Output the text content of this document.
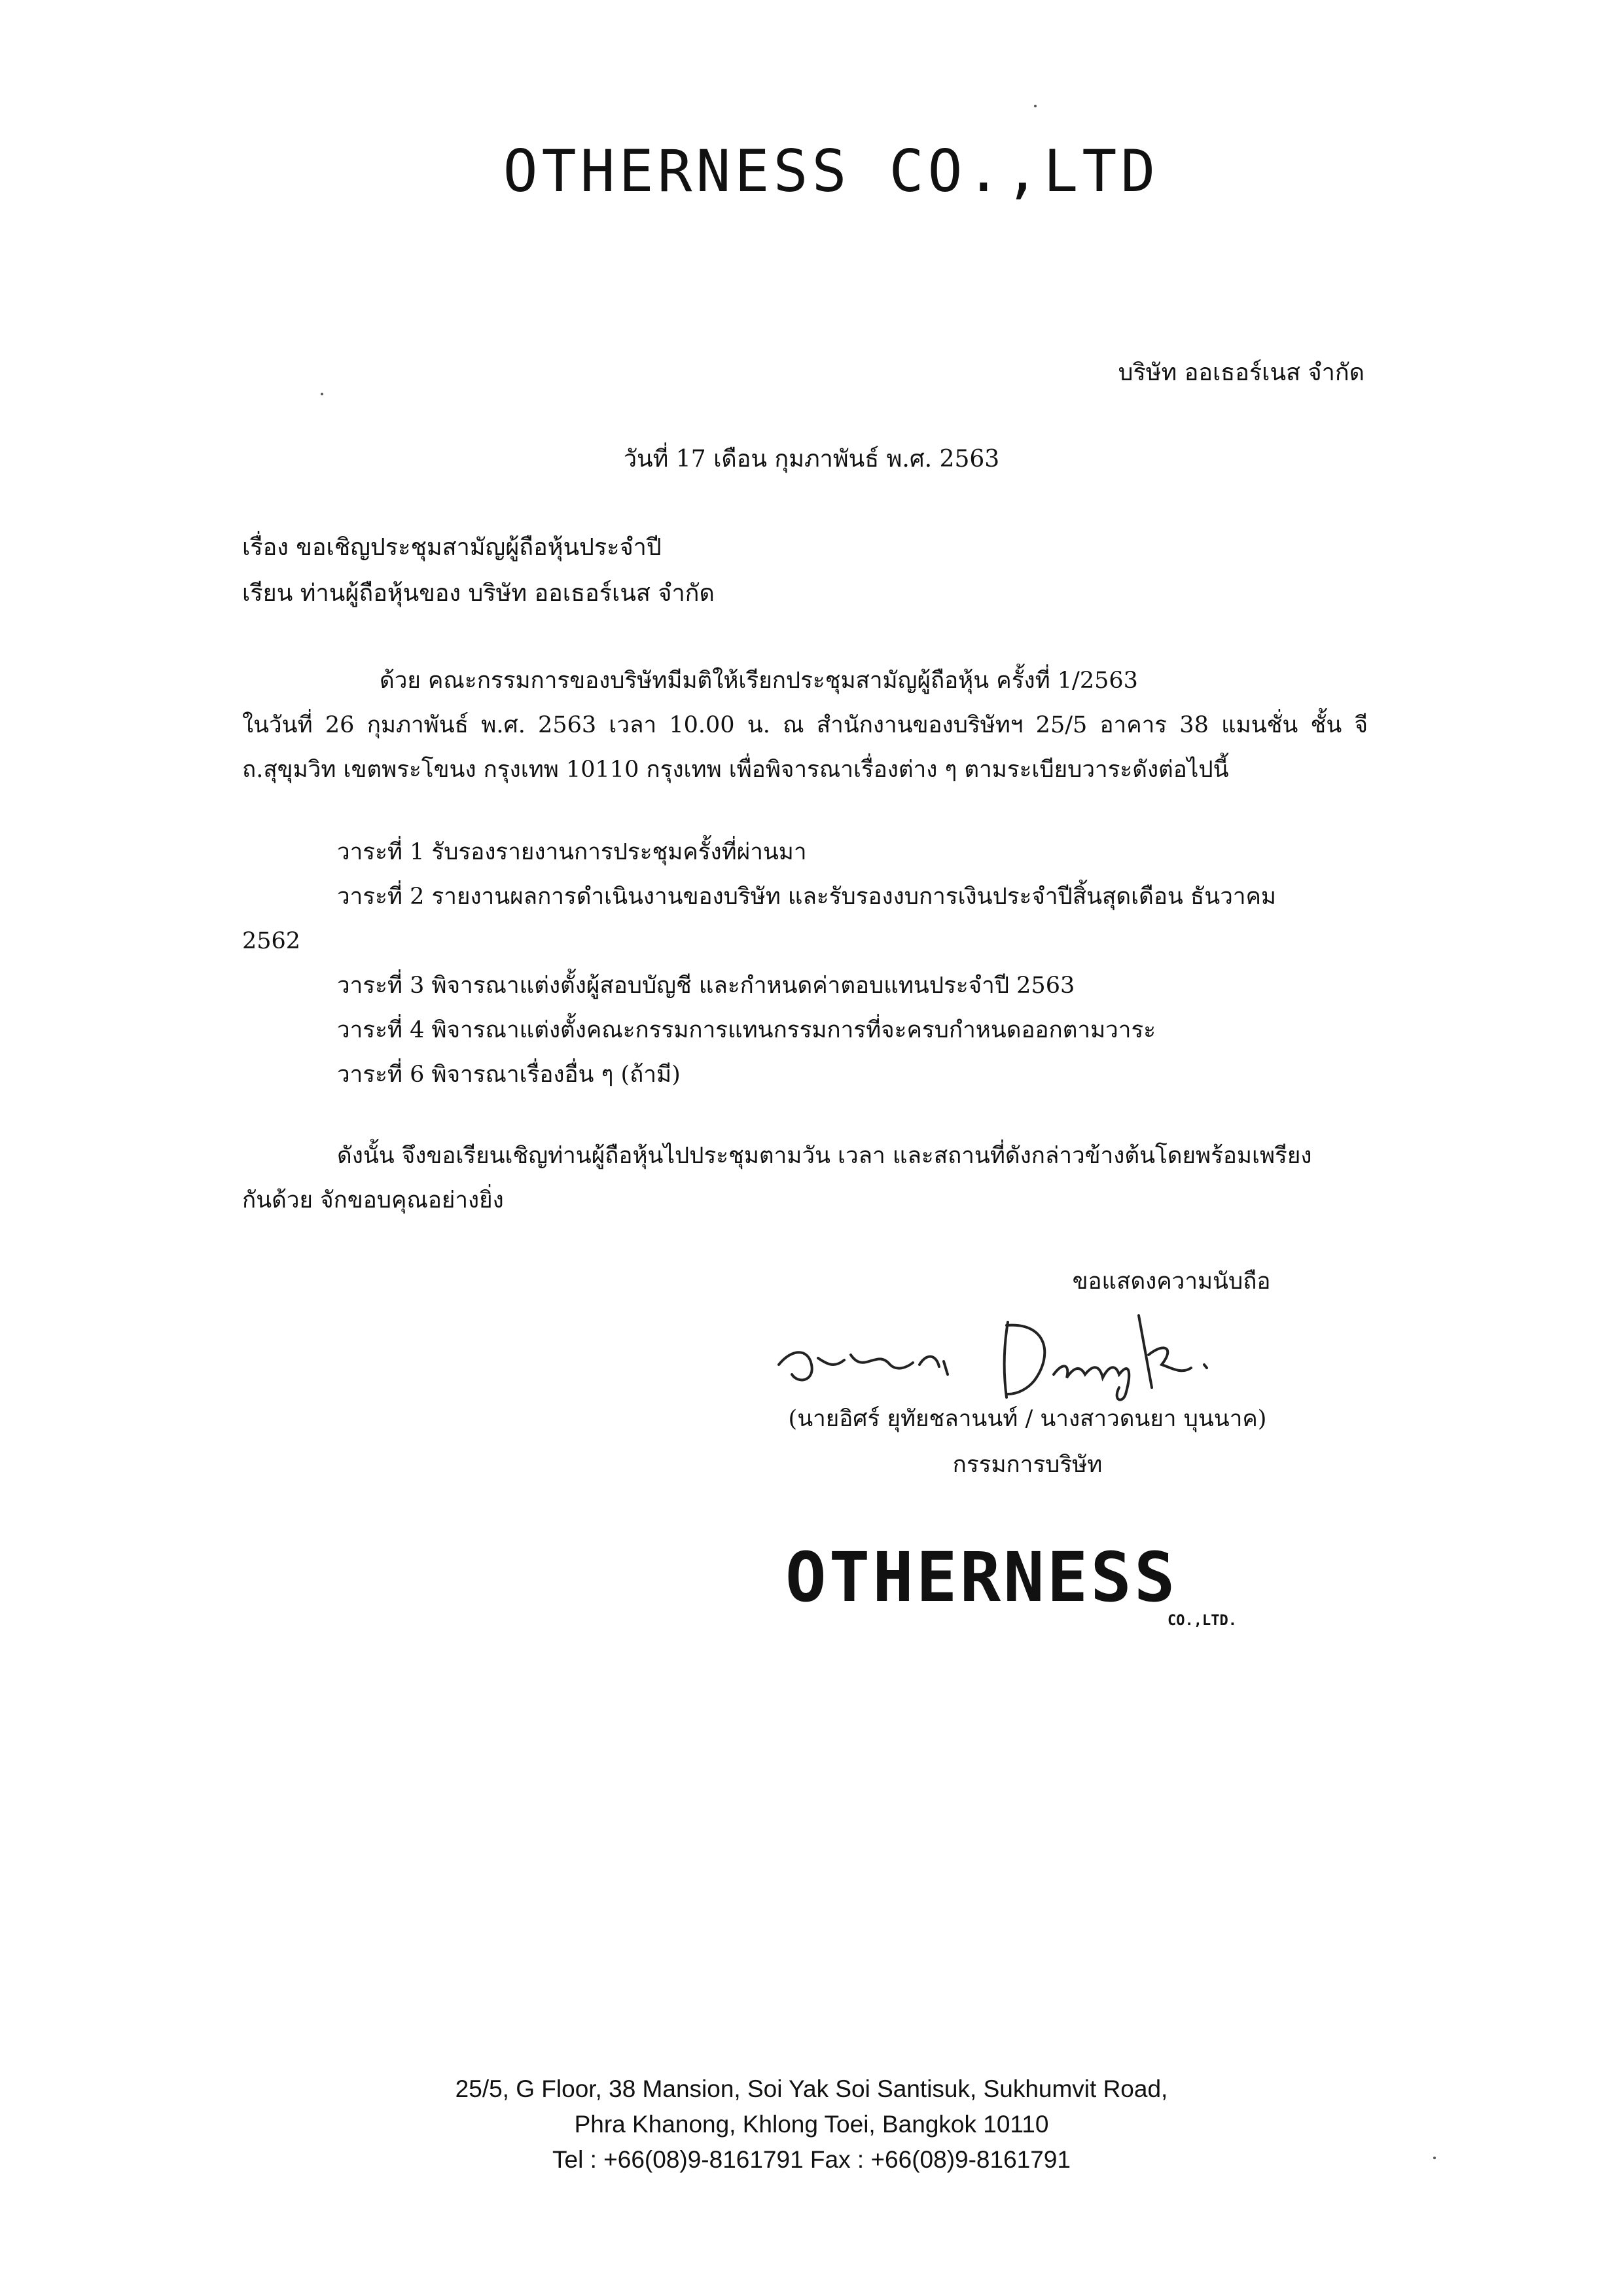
OTHERNESS CO.,LTD
บริษัท ออเธอร์เนส จำกัด
วันที่ 17 เดือน กุมภาพันธ์ พ.ศ. 2563
เรื่อง ขอเชิญประชุมสามัญผู้ถือหุ้นประจำปี
เรียน ท่านผู้ถือหุ้นของ บริษัท ออเธอร์เนส จำกัด
ด้วย คณะกรรมการของบริษัทมีมติให้เรียกประชุมสามัญผู้ถือหุ้น ครั้งที่ 1/2563
ในวันที่ 26 กุมภาพันธ์ พ.ศ. 2563 เวลา 10.00 น. ณ สำนักงานของบริษัทฯ 25/5 อาคาร 38 แมนชั่น ชั้น จี
ถ.สุขุมวิท เขตพระโขนง กรุงเทพ 10110 กรุงเทพ เพื่อพิจารณาเรื่องต่าง ๆ ตามระเบียบวาระดังต่อไปนี้
วาระที่ 1 รับรองรายงานการประชุมครั้งที่ผ่านมา
วาระที่ 2 รายงานผลการดำเนินงานของบริษัท และรับรองงบการเงินประจำปีสิ้นสุดเดือน ธันวาคม
2562
วาระที่ 3 พิจารณาแต่งตั้งผู้สอบบัญชี และกำหนดค่าตอบแทนประจำปี 2563
วาระที่ 4 พิจารณาแต่งตั้งคณะกรรมการแทนกรรมการที่จะครบกำหนดออกตามวาระ
วาระที่ 6 พิจารณาเรื่องอื่น ๆ (ถ้ามี)
ดังนั้น จึงขอเรียนเชิญท่านผู้ถือหุ้นไปประชุมตามวัน เวลา และสถานที่ดังกล่าวข้างต้นโดยพร้อมเพรียง
กันด้วย จักขอบคุณอย่างยิ่ง
ขอแสดงความนับถือ
(นายอิศร์ ยุทัยชลานนท์ / นางสาวดนยา บุนนาค)
กรรมการบริษัท
OTHERNESS
CO.,LTD.
25/5, G Floor, 38 Mansion, Soi Yak Soi Santisuk, Sukhumvit Road,
Phra Khanong, Khlong Toei, Bangkok 10110
Tel : +66(08)9-8161791 Fax : +66(08)9-8161791
